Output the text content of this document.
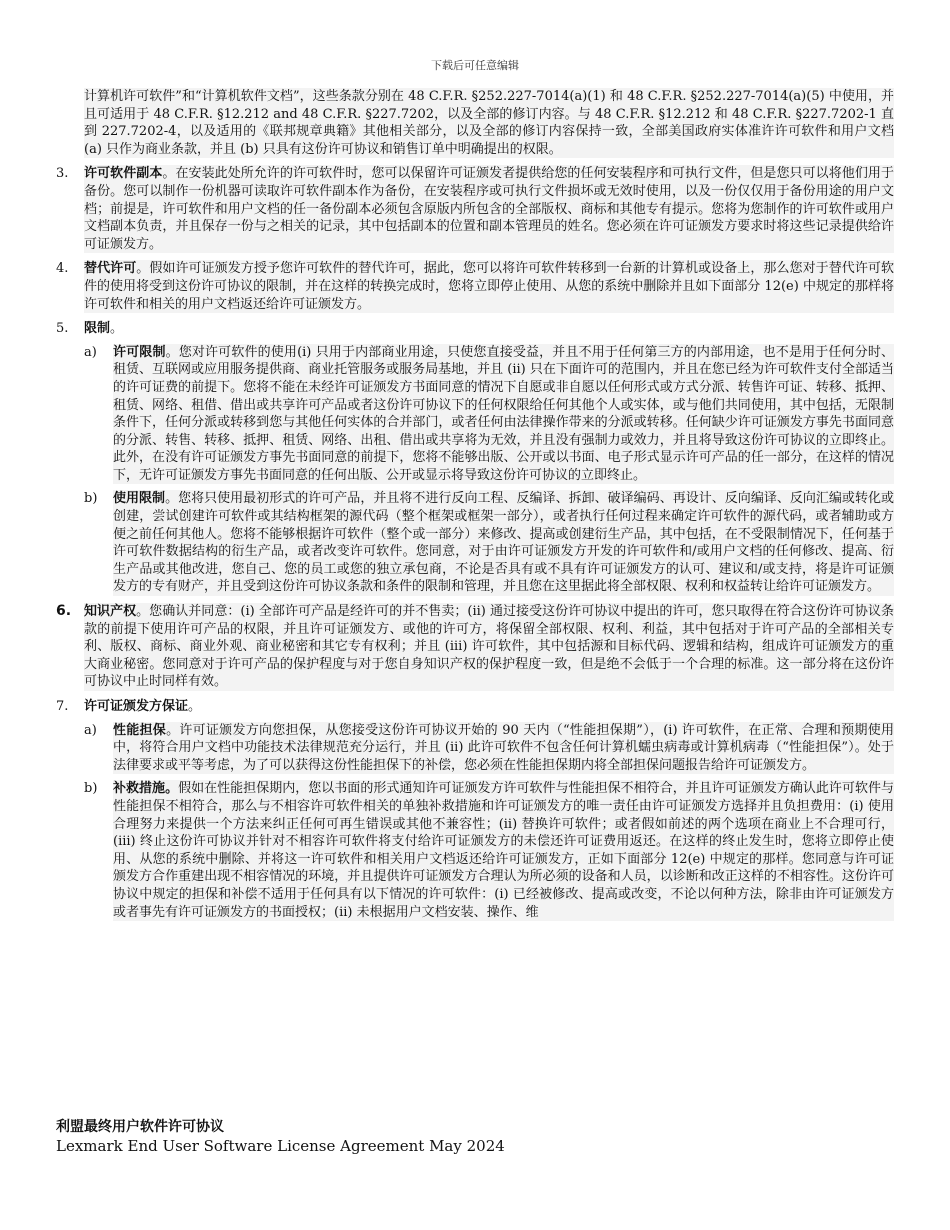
下载后可任意编辑

计算机许可软件”和“计算机软件文档”，这些条款分别在 48 C.F.R. §252.227-7014(a)(1) 和 48 C.F.R. §252.227-7014(a)(5) 中使用，并且可适用于 48 C.F.R. §12.212 and 48 C.F.R. §227.7202，以及全部的修订内容。与 48 C.F.R. §12.212 和 48 C.F.R. §227.7202-1 直到 227.7202-4，以及适用的《联邦规章典籍》其他相关部分，以及全部的修订内容保持一致，全部美国政府实体准许许可软件和用户文档 (a) 只作为商业条款，并且 (b) 只具有这份许可协议和销售订单中明确提出的权限。

3.	许可软件副本。在安装此处所允许的许可软件时，您可以保留许可证颁发者提供给您的任何安装程序和可执行文件，但是您只可以将他们用于备份。您可以制作一份机器可读取许可软件副本作为备份，在安装程序或可执行文件损坏或无效时使用，以及一份仅仅用于备份用途的用户文档；前提是，许可软件和用户文档的任一备份副本必须包含原版内所包含的全部版权、商标和其他专有提示。您将为您制作的许可软件或用户文档副本负责，并且保存一份与之相关的记录，其中包括副本的位置和副本管理员的姓名。您必须在许可证颁发方要求时将这些记录提供给许可证颁发方。
4.	替代许可。假如许可证颁发方授予您许可软件的替代许可，据此，您可以将许可软件转移到一台新的计算机或设备上，那么您对于替代许可软件的使用将受到这份许可协议的限制，并在这样的转换完成时，您将立即停止使用、从您的系统中删除并且如下面部分 12(e) 中规定的那样将许可软件和相关的用户文档返还给许可证颁发方。
5.	限制。
a)	许可限制。您对许可软件的使用(i) 只用于内部商业用途，只使您直接受益，并且不用于任何第三方的内部用途，也不是用于任何分时、租赁、互联网或应用服务提供商、商业托管服务或服务局基地，并且 (ii) 只在下面许可的范围内，并且在您已经为许可软件支付全部适当的许可证费的前提下。您将不能在未经许可证颁发方书面同意的情况下自愿或非自愿以任何形式或方式分派、转售许可证、转移、抵押、租赁、网络、租借、借出或共享许可产品或者这份许可协议下的任何权限给任何其他个人或实体，或与他们共同使用，其中包括，无限制条件下，任何分派或转移到您与其他任何实体的合并部门，或者任何由法律操作带来的分派或转移。任何缺少许可证颁发方事先书面同意的分派、转售、转移、抵押、租赁、网络、出租、借出或共享将为无效，并且没有强制力或效力，并且将导致这份许可协议的立即终止。此外，在没有许可证颁发方事先书面同意的前提下，您将不能够出版、公开或以书面、电子形式显示许可产品的任一部分，在这样的情况下，无许可证颁发方事先书面同意的任何出版、公开或显示将导致这份许可协议的立即终止。
b)	使用限制。您将只使用最初形式的许可产品，并且将不进行反向工程、反编译、拆卸、破译编码、再设计、反向编译、反向汇编或转化或创建，尝试创建许可软件或其结构框架的源代码（整个框架或框架一部分），或者执行任何过程来确定许可软件的源代码，或者辅助或方便之前任何其他人。您将不能够根据许可软件（整个或一部分）来修改、提高或创建衍生产品，其中包括，在不受限制情况下，任何基于许可软件数据结构的衍生产品，或者改变许可软件。您同意，对于由许可证颁发方开发的许可软件和/或用户文档的任何修改、提高、衍生产品或其他改进，您自己、您的员工或您的独立承包商，不论是否具有或不具有许可证颁发方的认可、建议和/或支持，将是许可证颁发方的专有财产，并且受到这份许可协议条款和条件的限制和管理，并且您在这里据此将全部权限、权利和权益转让给许可证颁发方。
6. 知识产权。您确认并同意：(i) 全部许可产品是经许可的并不售卖；(ii) 通过接受这份许可协议中提出的许可，您只取得在符合这份许可协议条款的前提下使用许可产品的权限，并且许可证颁发方、或他的许可方，将保留全部权限、权利、利益，其中包括对于许可产品的全部相关专利、版权、商标、商业外观、商业秘密和其它专有权利；并且 (iii) 许可软件，其中包括源和目标代码、逻辑和结构，组成许可证颁发方的重大商业秘密。您同意对于许可产品的保护程度与对于您自身知识产权的保护程度一致，但是绝不会低于一个合理的标准。这一部分将在这份许可协议中止时同样有效。
7.	许可证颁发方保证。
a)	性能担保。许可证颁发方向您担保，从您接受这份许可协议开始的 90 天内（“性能担保期”），(i) 许可软件，在正常、合理和预期使用中，将符合用户文档中功能技术法律规范充分运行，并且 (ii) 此许可软件不包含任何计算机蠕虫病毒或计算机病毒（“性能担保”）。处于法律要求或平等考虑，为了可以获得这份性能担保下的补偿，您必须在性能担保期内将全部担保问题报告给许可证颁发方。
b)	补救措施。假如在性能担保期内，您以书面的形式通知许可证颁发方许可软件与性能担保不相符合，并且许可证颁发方确认此许可软件与性能担保不相符合，那么与不相容许可软件相关的单独补救措施和许可证颁发方的唯一责任由许可证颁发方选择并且负担费用：(i) 使用合理努力来提供一个方法来纠正任何可再生错误或其他不兼容性；(ii) 替换许可软件；或者假如前述的两个选项在商业上不合理可行，(iii) 终止这份许可协议并针对不相容许可软件将支付给许可证颁发方的未偿还许可证费用返还。在这样的终止发生时，您将立即停止使用、从您的系统中删除、并将这一许可软件和相关用户文档返还给许可证颁发方，正如下面部分 12(e) 中规定的那样。您同意与许可证颁发方合作重建出现不相容情况的环境，并且提供许可证颁发方合理认为所必须的设备和人员，以诊断和改正这样的不相容性。这份许可协议中规定的担保和补偿不适用于任何具有以下情况的许可软件：(i) 已经被修改、提高或改变，不论以何种方法，除非由许可证颁发方或者事先有许可证颁发方的书面授权；(ii) 未根据用户文档安装、操作、维
利盟最终用户软件许可协议
Lexmark End User Software License Agreement May 2024
